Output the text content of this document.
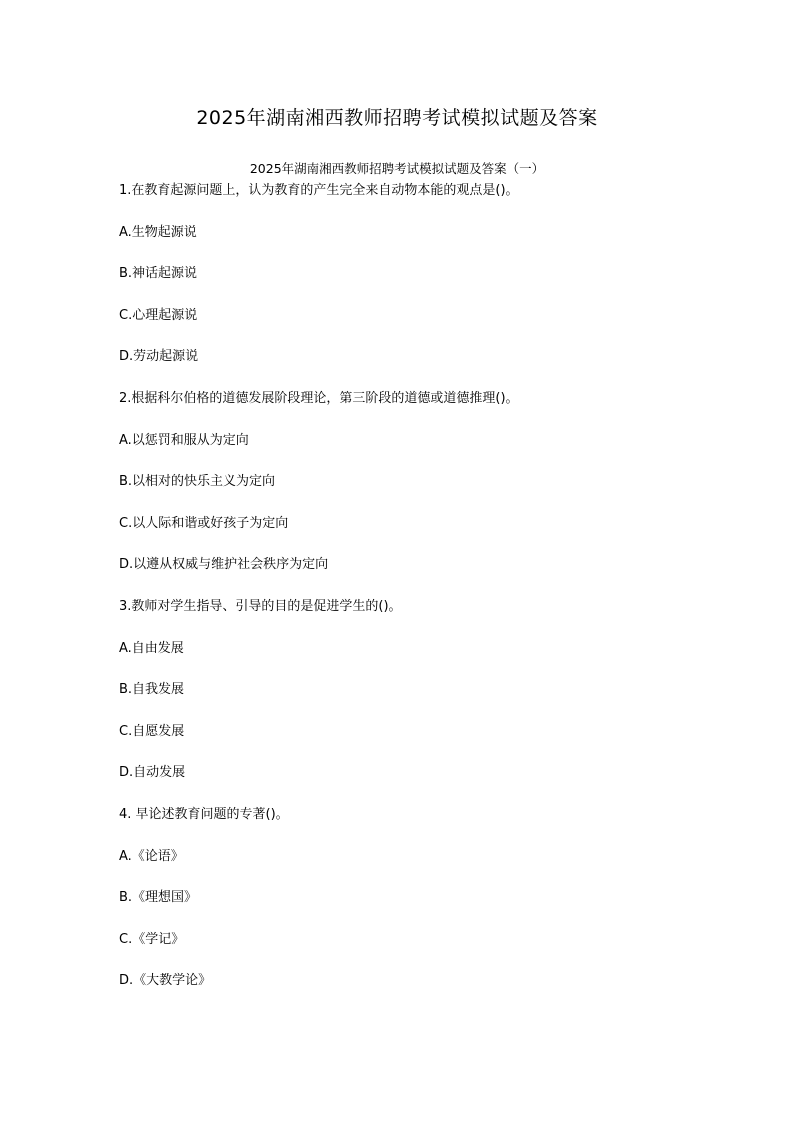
2025年湖南湘西教师招聘考试模拟试题及答案
2025年湖南湘西教师招聘考试模拟试题及答案（一）
1.在教育起源问题上，认为教育的产生完全来自动物本能的观点是()。
A.生物起源说
B.神话起源说
C.心理起源说
D.劳动起源说
2.根据科尔伯格的道德发展阶段理论，第三阶段的道德或道德推理()。
A.以惩罚和服从为定向
B.以相对的快乐主义为定向
C.以人际和谐或好孩子为定向
D.以遵从权威与维护社会秩序为定向
3.教师对学生指导、引导的目的是促进学生的()。
A.自由发展
B.自我发展
C.自愿发展
D.自动发展
4. 早论述教育问题的专著()。
A.《论语》
B.《理想国》
C.《学记》
D.《大教学论》
